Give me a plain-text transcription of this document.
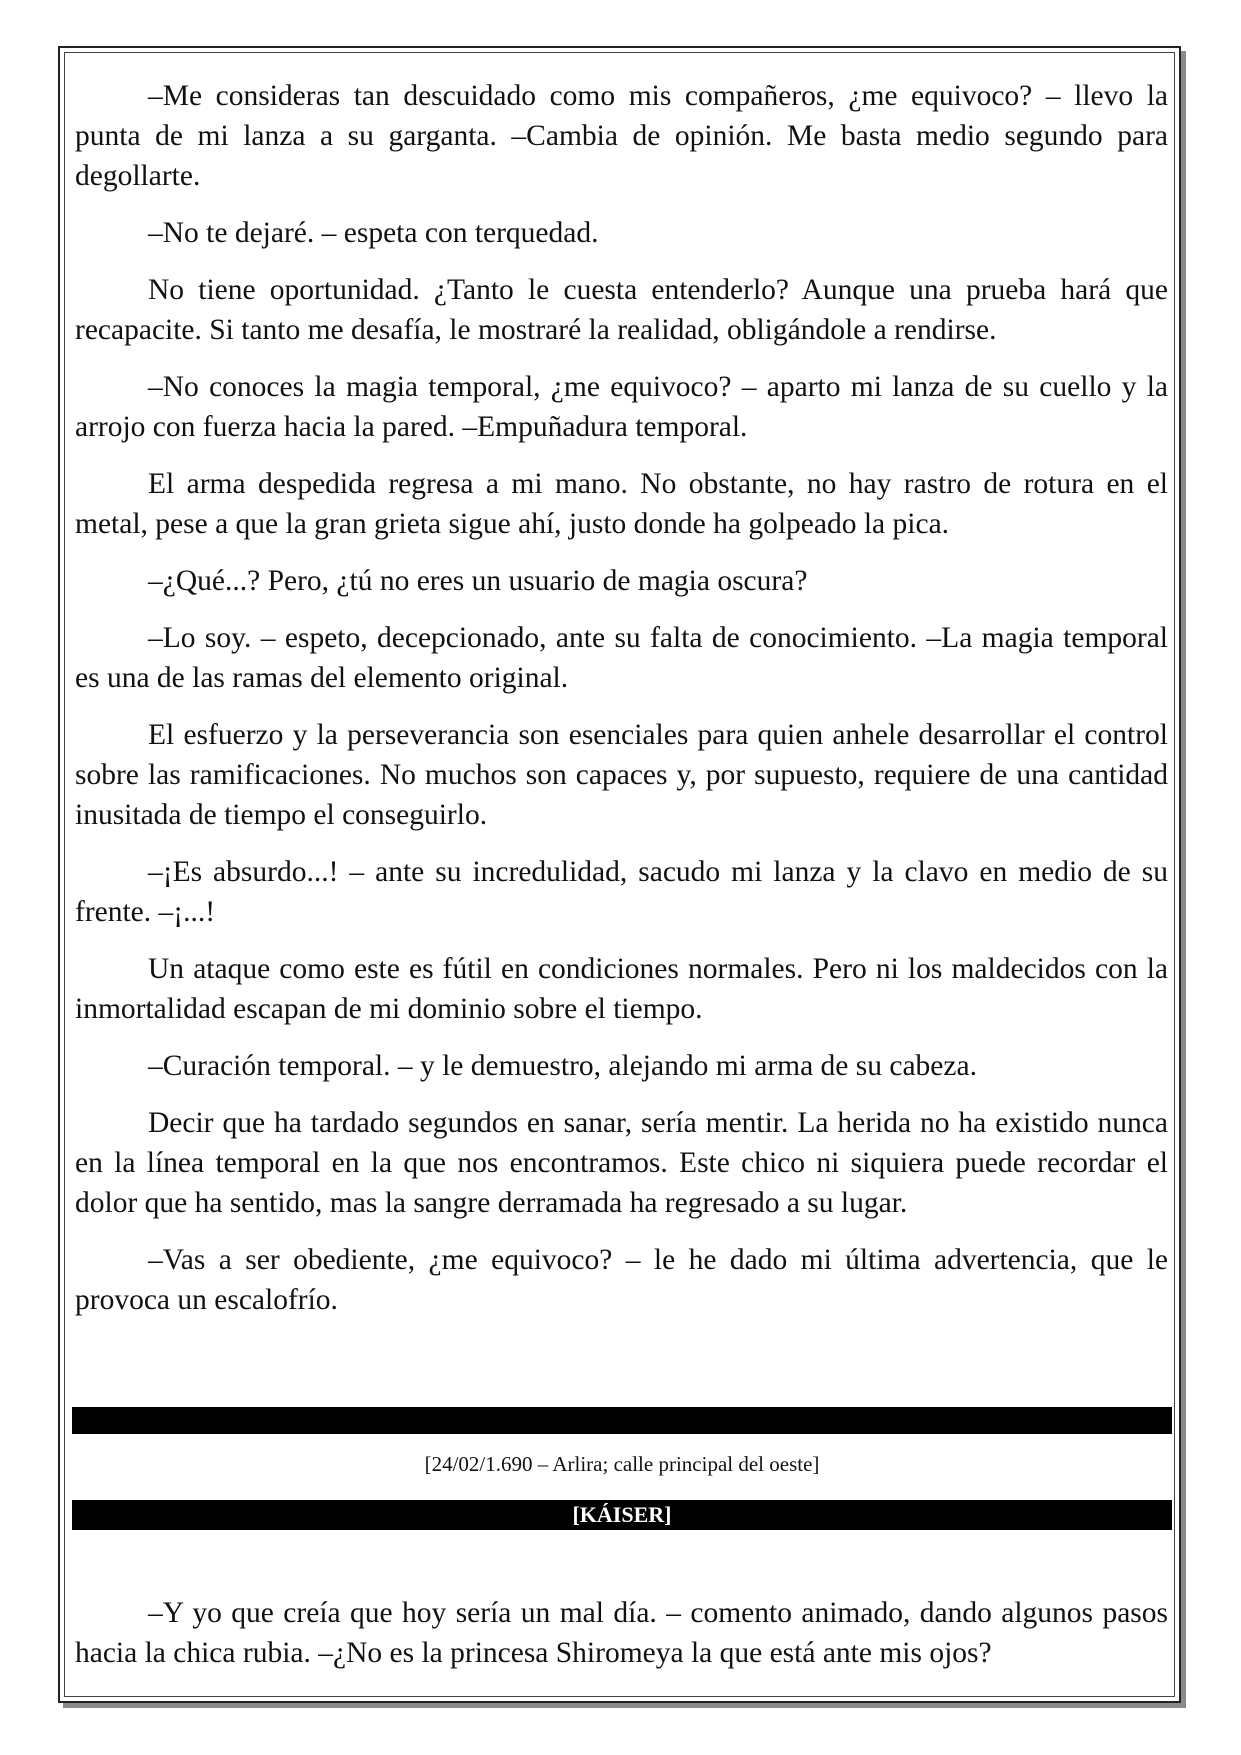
–Me consideras tan descuidado como mis compañeros, ¿me equivoco? – llevo la punta de mi lanza a su garganta. –Cambia de opinión. Me basta medio segundo para degollarte.

–No te dejaré. – espeta con terquedad.

No tiene oportunidad. ¿Tanto le cuesta entenderlo? Aunque una prueba hará que recapacite. Si tanto me desafía, le mostraré la realidad, obligándole a rendirse.

–No conoces la magia temporal, ¿me equivoco? – aparto mi lanza de su cuello y la arrojo con fuerza hacia la pared. –Empuñadura temporal.

El arma despedida regresa a mi mano. No obstante, no hay rastro de rotura en el metal, pese a que la gran grieta sigue ahí, justo donde ha golpeado la pica.

–¿Qué...? Pero, ¿tú no eres un usuario de magia oscura?

–Lo soy. – espeto, decepcionado, ante su falta de conocimiento. –La magia temporal es una de las ramas del elemento original.

El esfuerzo y la perseverancia son esenciales para quien anhele desarrollar el control sobre las ramificaciones. No muchos son capaces y, por supuesto, requiere de una cantidad inusitada de tiempo el conseguirlo.

–¡Es absurdo...! – ante su incredulidad, sacudo mi lanza y la clavo en medio de su frente. –¡...!

Un ataque como este es fútil en condiciones normales. Pero ni los maldecidos con la inmortalidad escapan de mi dominio sobre el tiempo.

–Curación temporal. – y le demuestro, alejando mi arma de su cabeza.

Decir que ha tardado segundos en sanar, sería mentir. La herida no ha existido nunca en la línea temporal en la que nos encontramos. Este chico ni siquiera puede recordar el dolor que ha sentido, mas la sangre derramada ha regresado a su lugar.

–Vas a ser obediente, ¿me equivoco? – le he dado mi última advertencia, que le provoca un escalofrío.

[24/02/1.690 – Arlira; calle principal del oeste]
[KÁISER]

–Y yo que creía que hoy sería un mal día. – comento animado, dando algunos pasos hacia la chica rubia. –¿No es la princesa Shiromeya la que está ante mis ojos?
